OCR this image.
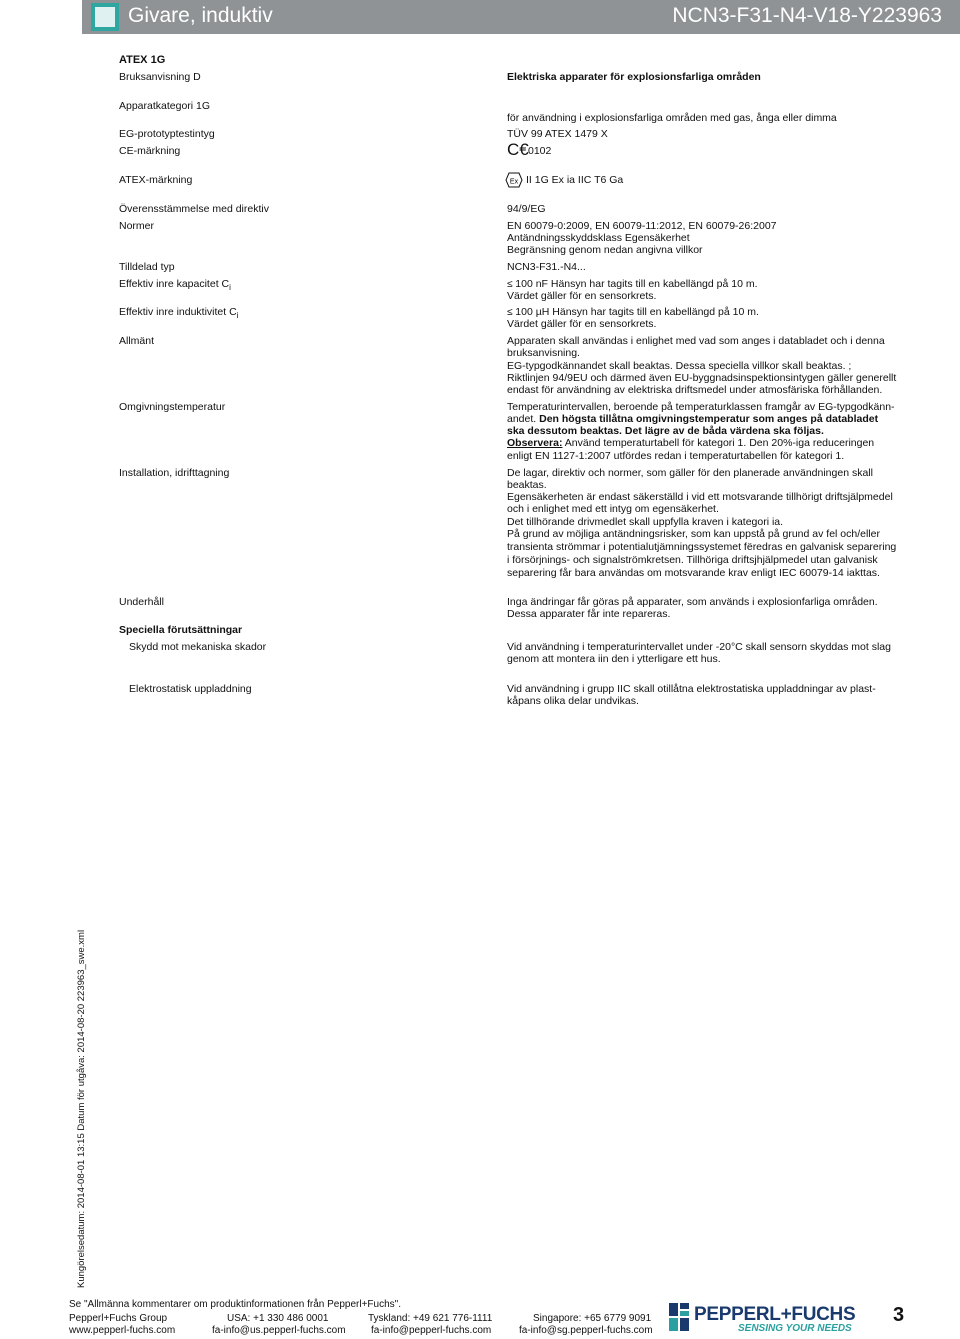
Givare, induktiv	NCN3-F31-N4-V18-Y223963
ATEX 1G
Bruksanvisning D	Elektriska apparater för explosionsfarliga områden
Apparatkategori 1G
för användning i explosionsfarliga områden med gas, ånga eller dimma
EG-prototyptestintyg	TÜV 99 ATEX 1479 X
CE-märkning	C€ 0102
ATEX-märkning	Ex II 1G Ex ia IIC T6 Ga
Överensstämmelse med direktiv	94/9/EG
Normer	EN 60079-0:2009, EN 60079-11:2012, EN 60079-26:2007
Antändningsskyddsklass Egensäkerhet
Begränsning genom nedan angivna villkor
Tilldelad typ	NCN3-F31.-N4...
Effektiv inre kapacitet $C_i$	≤ 100 nF Hänsyn har tagits till en kabellängd på 10 m.
Värdet gäller för en sensorkrets.
Effektiv inre induktivitet $C_i$	≤ 100 µH Hänsyn har tagits till en kabellängd på 10 m.
Värdet gäller för en sensorkrets.
Allmänt	Apparaten skall användas i enlighet med vad som anges i databladet och i denna
bruksanvisning.
EG-typgodkännandet skall beaktas. Dessa speciella villkor skall beaktas. ;
Riktlinjen 94/9EU och därmed även EU-byggnadsinspektionsintygen gäller generellt
endast för användning av elektriska driftsmedel under atmosfäriska förhållanden.
Omgivningstemperatur	Temperaturintervallen, beroende på temperaturklassen framgår av EG-typgodkänn-
andet. Den högsta tillåtna omgivningstemperatur som anges på databladet
ska dessutom beaktas. Det lägre av de båda värdena ska följas.
Observera: Använd temperaturtabell för kategori 1. Den 20%-iga reduceringen
enligt EN 1127-1:2007 utfördes redan i temperaturtabellen för kategori 1.
Installation, idrifttagning	De lagar, direktiv och normer, som gäller för den planerade användningen skall
beaktas.
Egensäkerheten är endast säkerställd i vid ett motsvarande tillhörigt driftsjälpmedel
och i enlighet med ett intyg om egensäkerhet.
Det tillhörande drivmedlet skall uppfylla kraven i kategori ia.
På grund av möjliga antändningsrisker, som kan uppstå på grund av fel och/eller
transienta strömmar i potentialutjämningssystemet fëredras en galvanisk separering
i försörjnings- och signalströmkretsen. Tillhöriga driftsjhjälpmedel utan galvanisk
separering får bara användas om motsvarande krav enligt IEC 60079-14 iakttas.
Underhåll	Inga ändringar får göras på apparater, som används i explosionfarliga områden.
Dessa apparater får inte repareras.
Speciella förutsättningar
Skydd mot mekaniska skador	Vid användning i temperaturintervallet under -20°C skall sensorn skyddas mot slag
genom att montera iin den i ytterligare ett hus.
Elektrostatisk uppladdning	Vid användning i grupp IIC skall otillåtna elektrostatiska uppladdningar av plast-
kåpans olika delar undvikas.
Kungörelsedatum: 2014-08-01 13:15 Datum för utgåva: 2014-08-20 223963_swe.xml
Se "Allmänna kommentarer om produktinformationen från Pepperl+Fuchs".
Pepperl+Fuchs Group
www.pepperl-fuchs.com
USA: +1 330 486 0001
fa-info@us.pepperl-fuchs.com
Tyskland: +49 621 776-1111
fa-info@pepperl-fuchs.com
Singapore: +65 6779 9091
fa-info@sg.pepperl-fuchs.com
PEPPERL+FUCHS
SENSING YOUR NEEDS
3
